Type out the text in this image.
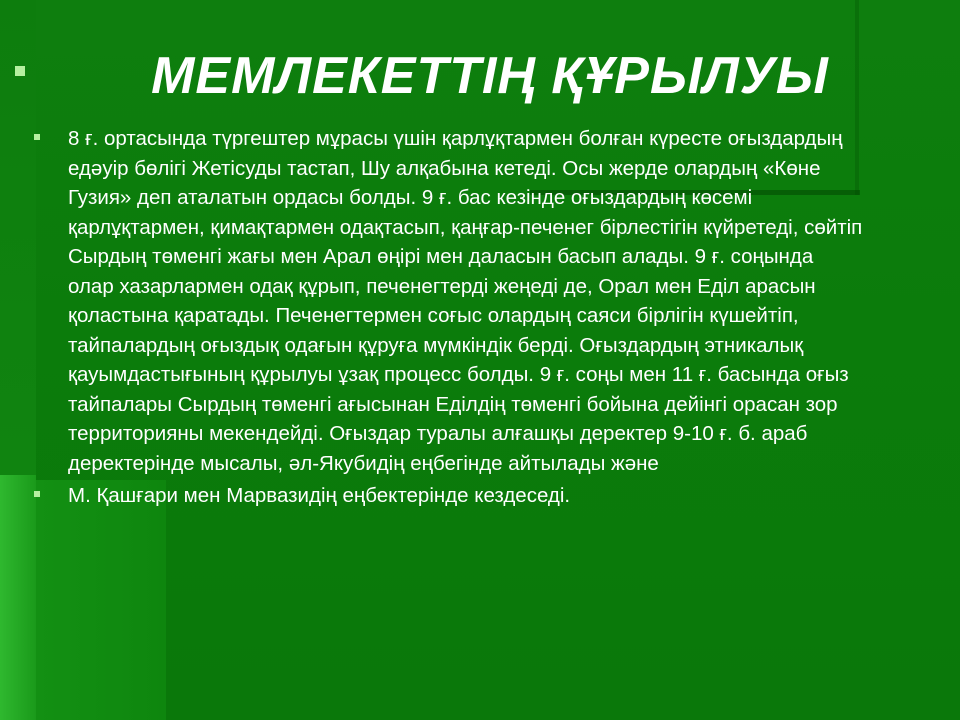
МЕМЛЕКЕТТІҢ ҚҰРЫЛУЫ
8 ғ. ортасында түргештер мұрасы үшін қарлұқтармен болған күресте оғыздардың едәуір бөлігі Жетісуды тастап, Шу алқабына кетеді. Осы жерде олардың «Көне Гузия» деп аталатын ордасы болды. 9 ғ. бас кезінде оғыздардың көсемі қарлұқтармен, қимақтармен одақтасып, қаңғар-печенег бірлестігін күйретеді, сөйтіп Сырдың төменгі жағы мен Арал өңірі мен даласын басып алады. 9 ғ. соңында олар хазарлармен одақ құрып, печенегтерді жеңеді де, Орал мен Еділ арасын қоластына қаратады. Печенегтермен соғыс олардың саяси бірлігін күшейтіп, тайпалардың оғыздық одағын құруға мүмкіндік берді. Оғыздардың этникалық қауымдастығының құрылуы ұзақ процесс болды. 9 ғ. соңы мен 11 ғ. басында оғыз тайпалары Сырдың төменгі ағысынан Еділдің төменгі бойына дейінгі орасан зор территорияны мекендейді. Оғыздар туралы алғашқы деректер 9-10 ғ. б. араб деректерінде мысалы, әл-Якубидің еңбегінде айтылады және
М. Қашғари мен Марвазидің еңбектерінде кездеседі.
